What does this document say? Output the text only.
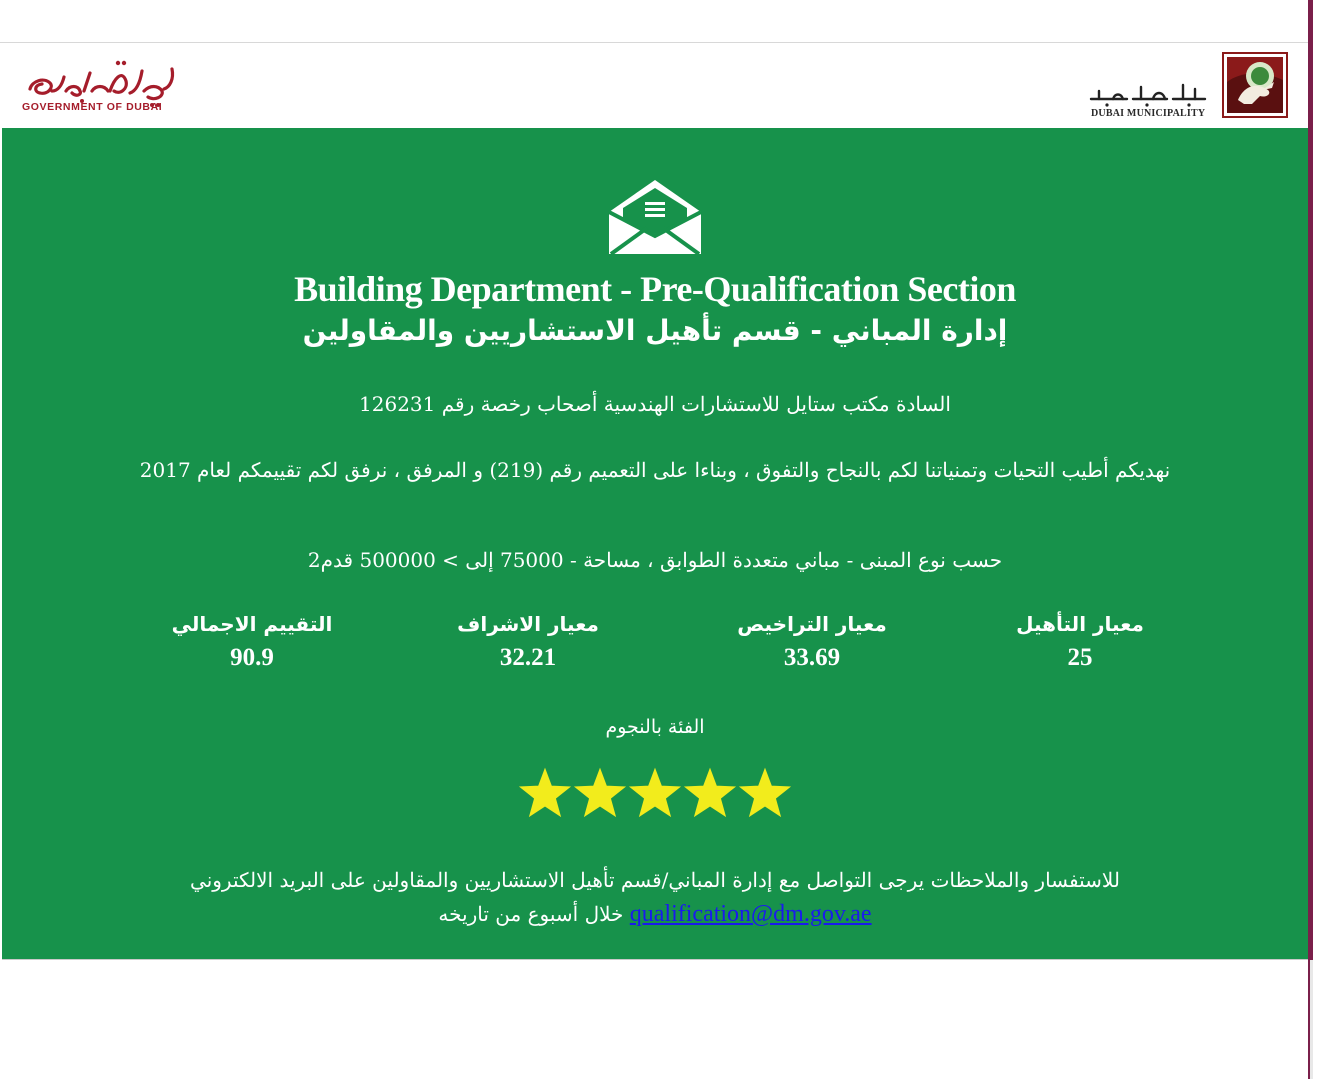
GOVERNMENT OF DUBAI
DUBAI MUNICIPALITY
Building Department - Pre-Qualification Section
إدارة المباني - قسم تأهيل الاستشاريين والمقاولين
السادة مكتب ستايل للاستشارات الهندسية أصحاب رخصة رقم 126231
نهديكم أطيب التحيات وتمنياتنا لكم بالنجاح والتفوق ، وبناءا على التعميم رقم (219) و المرفق ، نرفق لكم تقييمكم لعام 2017
حسب نوع المبنى - مباني متعددة الطوابق ، مساحة - 75000 إلى > 500000 قدم2
معيار التأهيل
25
معيار التراخيص
33.69
معيار الاشراف
32.21
التقييم الاجمالي
90.9
الفئة بالنجوم
للاستفسار والملاحظات يرجى التواصل مع إدارة المباني/قسم تأهيل الاستشاريين والمقاولين على البريد الالكتروني
qualification@dm.gov.ae خلال أسبوع من تاريخه
